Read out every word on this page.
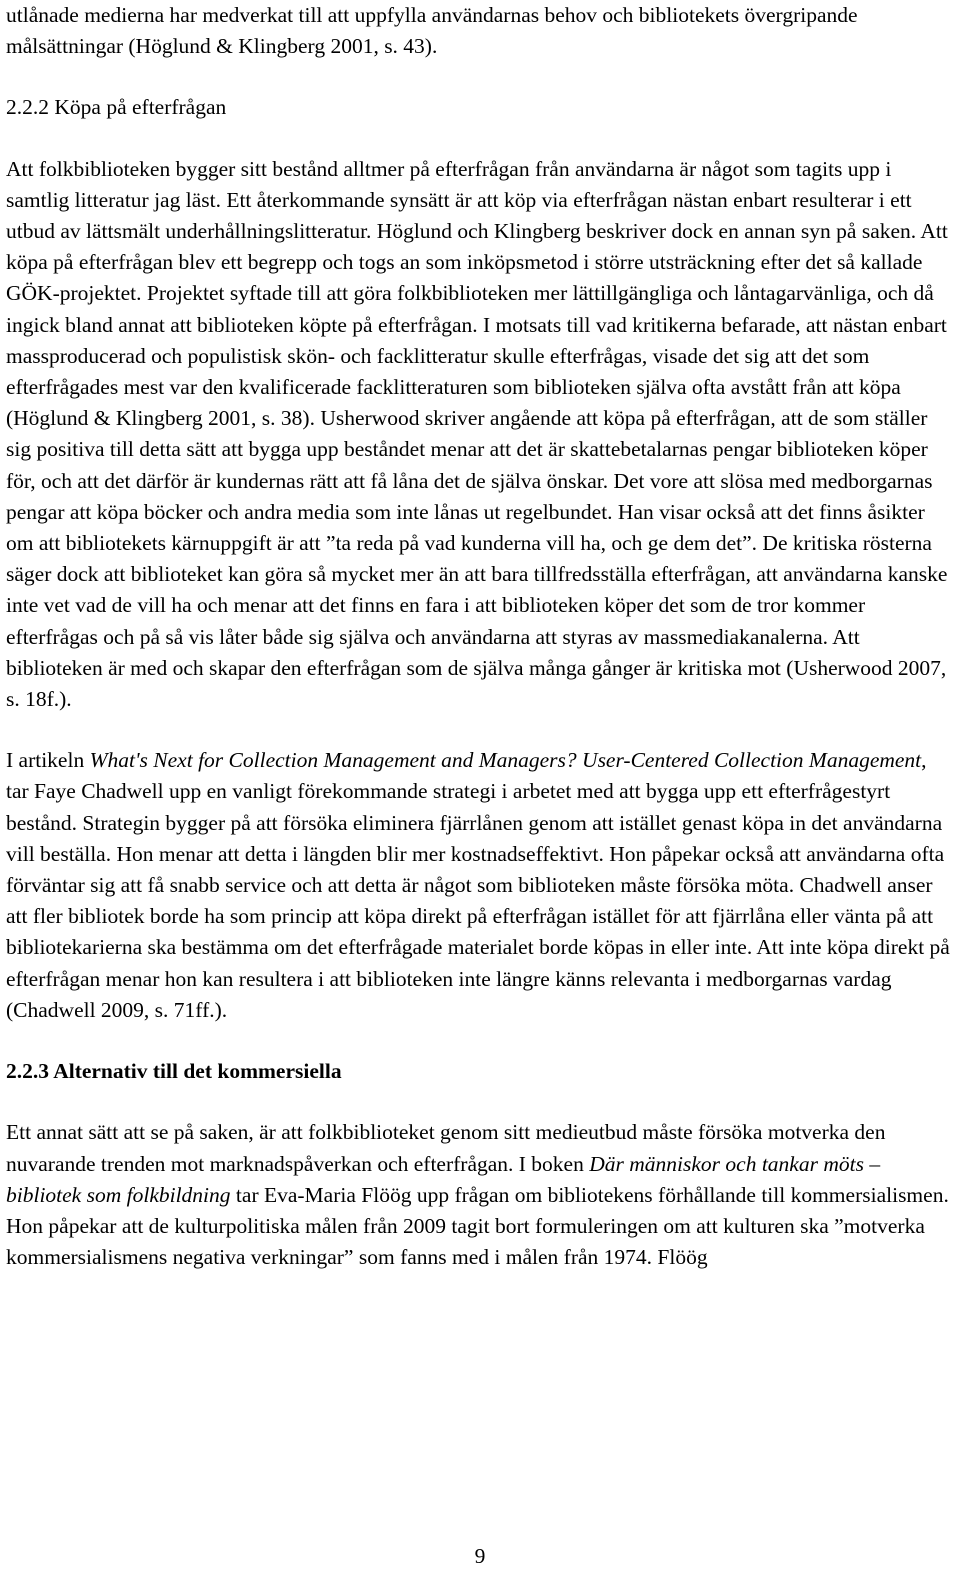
utlånade medierna har medverkat till att uppfylla användarnas behov och bibliotekets övergripande målsättningar (Höglund & Klingberg 2001, s. 43).

2.2.2 Köpa på efterfrågan

Att folkbiblioteken bygger sitt bestånd alltmer på efterfrågan från användarna är något som tagits upp i samtlig litteratur jag läst. Ett återkommande synsätt är att köp via efterfrågan nästan enbart resulterar i ett utbud av lättsmält underhållningslitteratur. Höglund och Klingberg beskriver dock en annan syn på saken. Att köpa på efterfrågan blev ett begrepp och togs an som inköpsmetod i större utsträckning efter det så kallade GÖK-projektet. Projektet syftade till att göra folkbiblioteken mer lättillgängliga och låntagarvänliga, och då ingick bland annat att biblioteken köpte på efterfrågan. I motsats till vad kritikerna befarade, att nästan enbart massproducerad och populistisk skön- och facklitteratur skulle efterfrågas, visade det sig att det som efterfrågades mest var den kvalificerade facklitteraturen som biblioteken själva ofta avstått från att köpa (Höglund & Klingberg 2001, s. 38). Usherwood skriver angående att köpa på efterfrågan, att de som ställer sig positiva till detta sätt att bygga upp beståndet menar att det är skattebetalarnas pengar biblioteken köper för, och att det därför är kundernas rätt att få låna det de själva önskar. Det vore att slösa med medborgarnas pengar att köpa böcker och andra media som inte lånas ut regelbundet. Han visar också att det finns åsikter om att bibliotekets kärnuppgift är att ”ta reda på vad kunderna vill ha, och ge dem det”. De kritiska rösterna säger dock att biblioteket kan göra så mycket mer än att bara tillfredsställa efterfrågan, att användarna kanske inte vet vad de vill ha och menar att det finns en fara i att biblioteken köper det som de tror kommer efterfrågas och på så vis låter både sig själva och användarna att styras av massmediakanalerna. Att biblioteken är med och skapar den efterfrågan som de själva många gånger är kritiska mot (Usherwood 2007, s. 18f.).

I artikeln What's Next for Collection Management and Managers? User-Centered Collection Management, tar Faye Chadwell upp en vanligt förekommande strategi i arbetet med att bygga upp ett efterfrågestyrt bestånd. Strategin bygger på att försöka eliminera fjärrlånen genom att istället genast köpa in det användarna vill beställa. Hon menar att detta i längden blir mer kostnadseffektivt. Hon påpekar också att användarna ofta förväntar sig att få snabb service och att detta är något som biblioteken måste försöka möta. Chadwell anser att fler bibliotek borde ha som princip att köpa direkt på efterfrågan istället för att fjärrlåna eller vänta på att bibliotekarierna ska bestämma om det efterfrågade materialet borde köpas in eller inte. Att inte köpa direkt på efterfrågan menar hon kan resultera i att biblioteken inte längre känns relevanta i medborgarnas vardag (Chadwell 2009, s. 71ff.).

2.2.3 Alternativ till det kommersiella

Ett annat sätt att se på saken, är att folkbiblioteket genom sitt medieutbud måste försöka motverka den nuvarande trenden mot marknadspåverkan och efterfrågan. I boken Där människor och tankar möts – bibliotek som folkbildning tar Eva-Maria Flöög upp frågan om bibliotekens förhållande till kommersialismen. Hon påpekar att de kulturpolitiska målen från 2009 tagit bort formuleringen om att kulturen ska ”motverka kommersialismens negativa verkningar” som fanns med i målen från 1974. Flöög

9
